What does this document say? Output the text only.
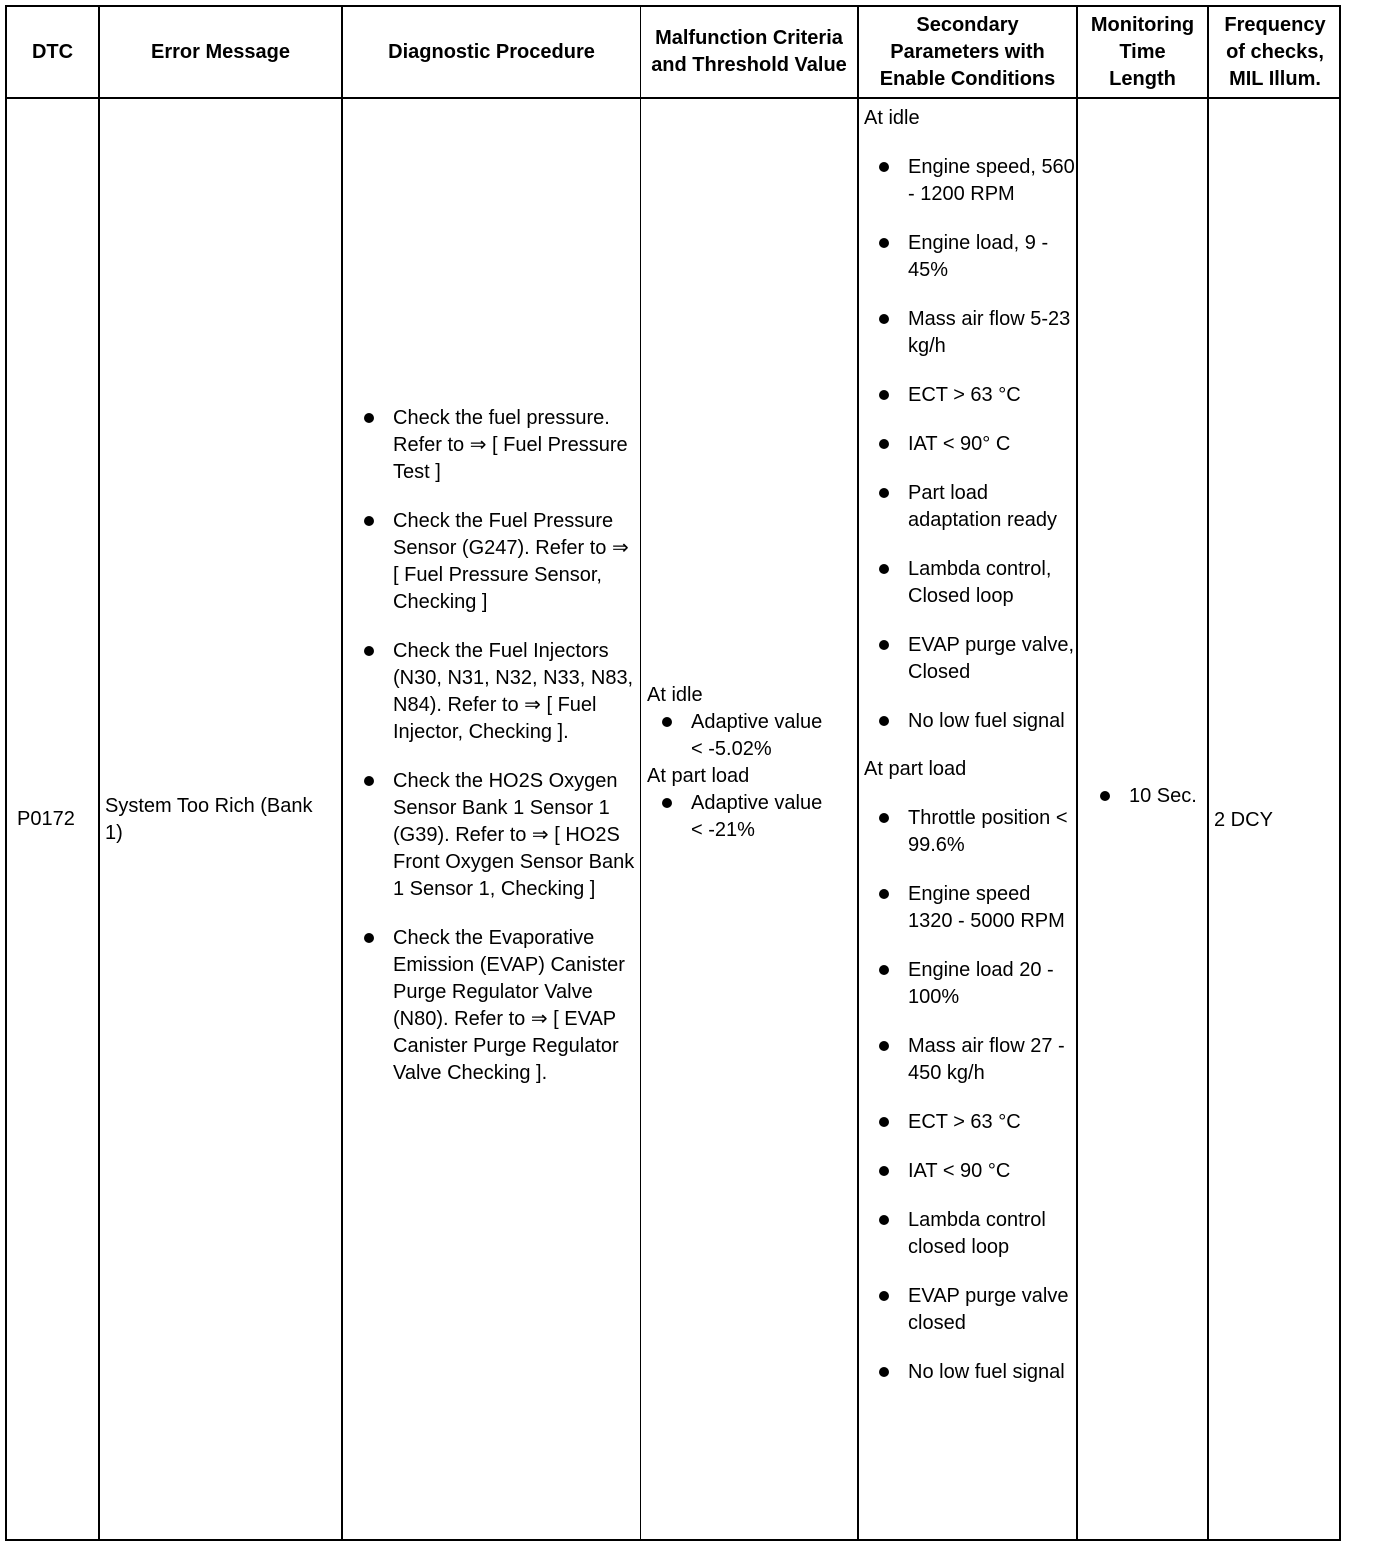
DTC	Error Message	Diagnostic Procedure
Malfunction Criteria and Threshold Value
Secondary Parameters with Enable Conditions
Monitoring Time Length
Frequency of checks, MIL Illum.
P0172
System Too Rich (Bank 1)
Check the fuel pressure. Refer to ⇒ [ Fuel Pressure Test ]
Check the Fuel Pressure Sensor (G247). Refer to ⇒ [ Fuel Pressure Sensor, Checking ]
Check the Fuel Injectors (N30, N31, N32, N33, N83, N84). Refer to ⇒ [ Fuel Injector, Checking ].
Check the HO2S Oxygen Sensor Bank 1 Sensor 1 (G39). Refer to ⇒ [ HO2S Front Oxygen Sensor Bank 1 Sensor 1, Checking ]
Check the Evaporative Emission (EVAP) Canister Purge Regulator Valve (N80). Refer to ⇒ [ EVAP Canister Purge Regulator Valve Checking ].
At idle
Adaptive value < -5.02%
At part load
Adaptive value < -21%
At idle
Engine speed, 560 - 1200 RPM
Engine load, 9 - 45%
Mass air flow 5-23 kg/h
ECT > 63 °C
IAT < 90° C
Part load adaptation ready
Lambda control, Closed loop
EVAP purge valve, Closed
No low fuel signal
At part load
Throttle position < 99.6%
Engine speed 1320 - 5000 RPM
Engine load 20 - 100%
Mass air flow 27 - 450 kg/h
ECT > 63 °C
IAT < 90 °C
Lambda control closed loop
EVAP purge valve closed
No low fuel signal
10 Sec.
2 DCY
